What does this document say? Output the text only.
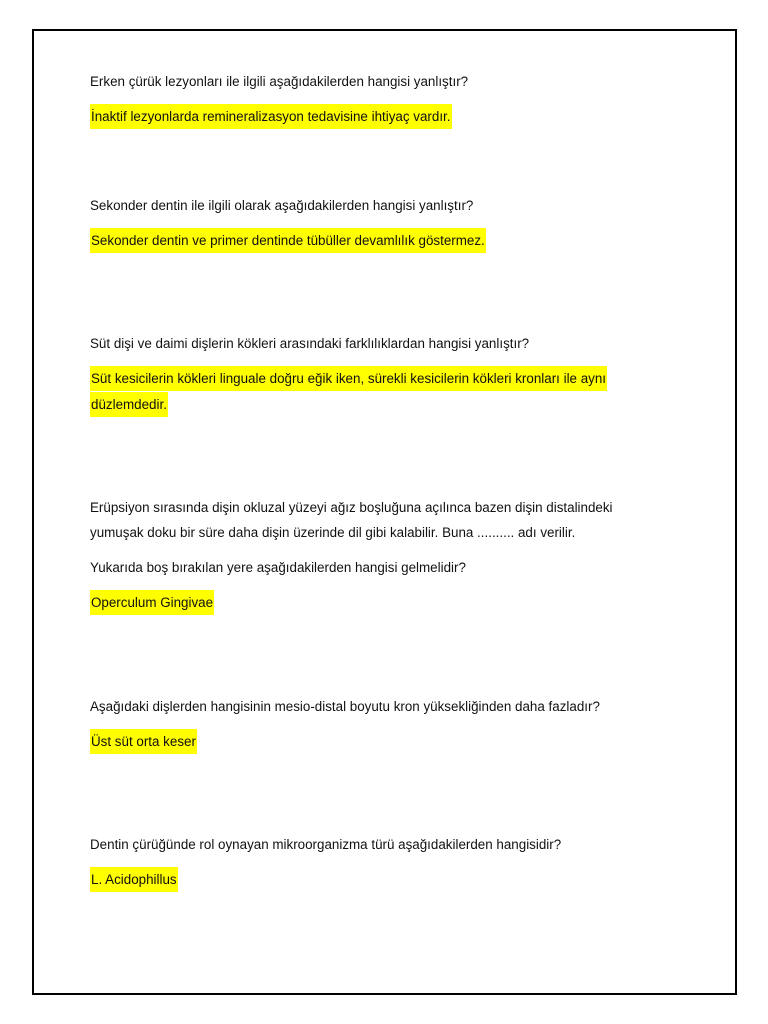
Erken çürük lezyonları ile ilgili aşağıdakilerden hangisi yanlıştır?
İnaktif lezyonlarda remineralizasyon tedavisine ihtiyaç vardır.
Sekonder dentin ile ilgili olarak aşağıdakilerden hangisi yanlıştır?
Sekonder dentin ve primer dentinde tübüller devamlılık göstermez.
Süt dişi ve daimi dişlerin kökleri arasındaki farklılıklardan hangisi yanlıştır?
Süt kesicilerin kökleri linguale doğru eğik iken, sürekli kesicilerin kökleri kronları ile aynı
düzlemdedir.
Erüpsiyon sırasında dişin okluzal yüzeyi ağız boşluğuna açılınca bazen dişin distalindeki
yumuşak doku bir süre daha dişin üzerinde dil gibi kalabilir. Buna .......... adı verilir.
Yukarıda boş bırakılan yere aşağıdakilerden hangisi gelmelidir?
Operculum Gingivae
Aşağıdaki dişlerden hangisinin mesio-distal boyutu kron yüksekliğinden daha fazladır?
Üst süt orta keser
Dentin çürüğünde rol oynayan mikroorganizma türü aşağıdakilerden hangisidir?
L. Acidophillus
